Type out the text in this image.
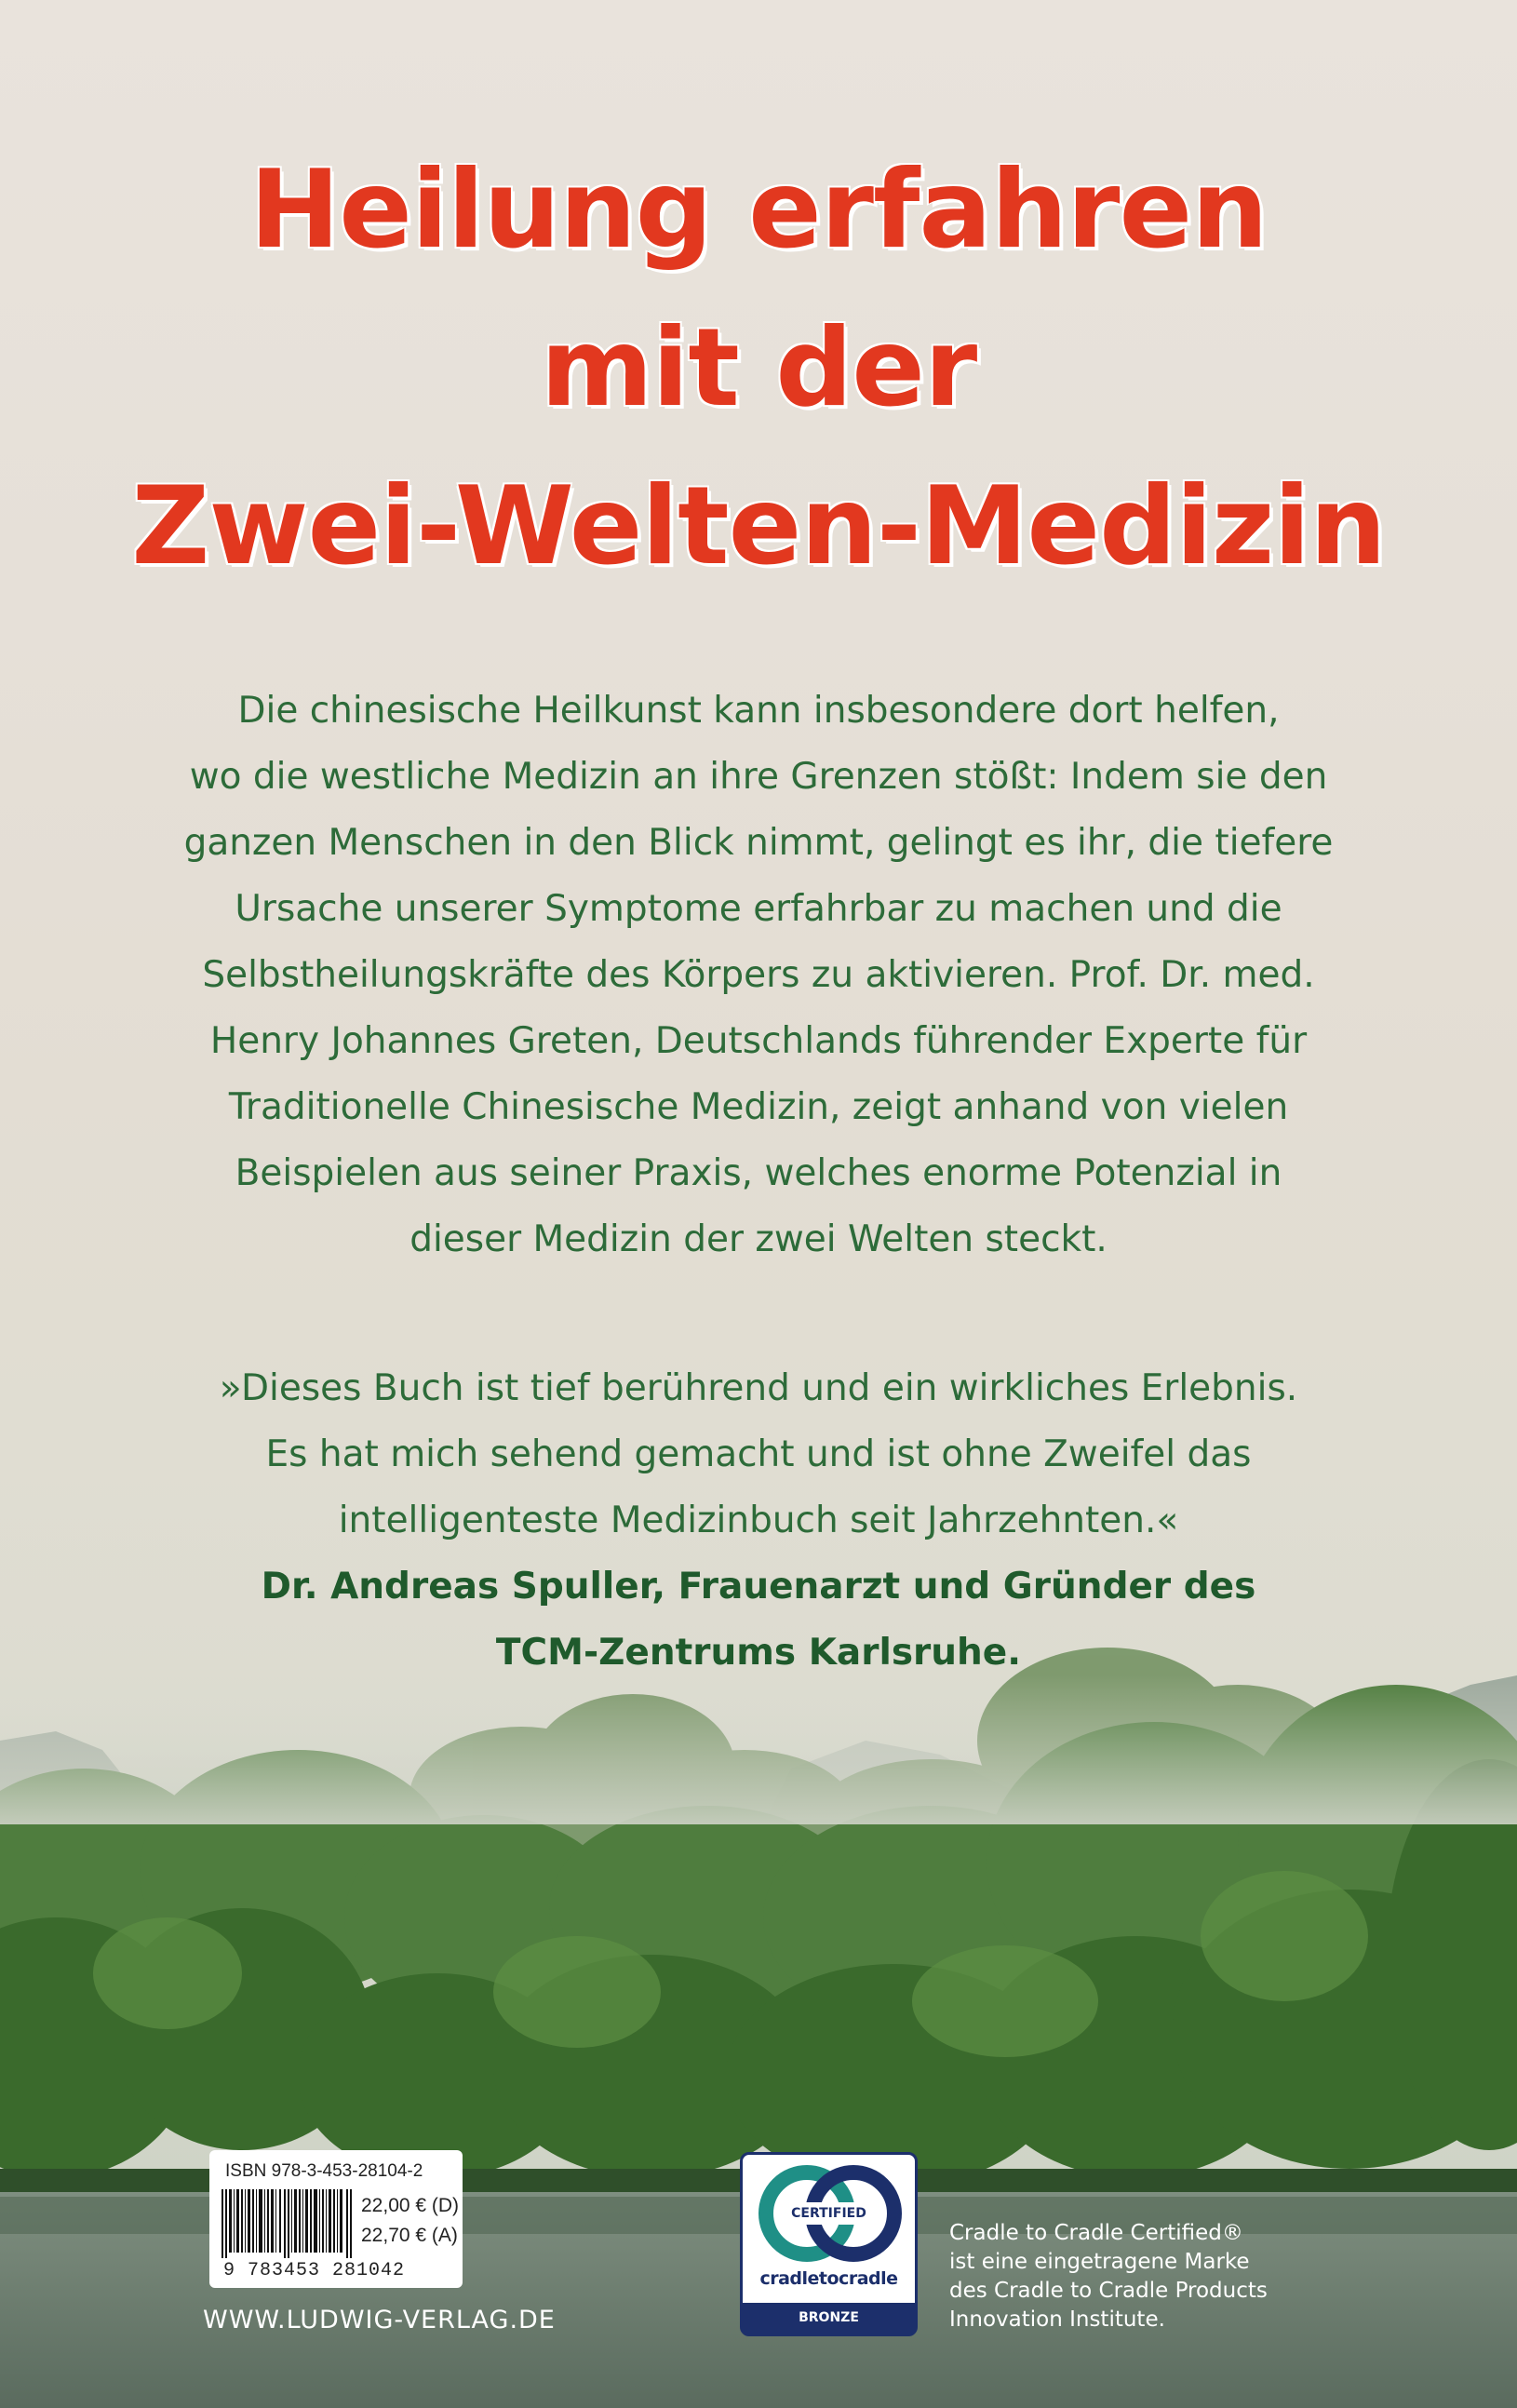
Heilung erfahren
mit der
Zwei-Welten-Medizin
Die chinesische Heilkunst kann insbesondere dort helfen,
wo die westliche Medizin an ihre Grenzen stößt: Indem sie den
ganzen Menschen in den Blick nimmt, gelingt es ihr, die tiefere
Ursache unserer Symptome erfahrbar zu machen und die
Selbstheilungskräfte des Körpers zu aktivieren. Prof. Dr. med.
Henry Johannes Greten, Deutschlands führender Experte für
Traditionelle Chinesische Medizin, zeigt anhand von vielen
Beispielen aus seiner Praxis, welches enorme Potenzial in
dieser Medizin der zwei Welten steckt.
»Dieses Buch ist tief berührend und ein wirkliches Erlebnis.
Es hat mich sehend gemacht und ist ohne Zweifel das
intelligenteste Medizinbuch seit Jahrzehnten.«
Dr. Andreas Spuller, Frauenarzt und Gründer des
TCM-Zentrums Karlsruhe.
ISBN 978-3-453-28104-2
22,00 € (D)
22,70 € (A)
9 783453 281042
WWW.LUDWIG-VERLAG.DE
CERTIFIED
cradletocradle
BRONZE
®
Cradle to Cradle Certified®
ist eine eingetragene Marke
des Cradle to Cradle Products
Innovation Institute.
